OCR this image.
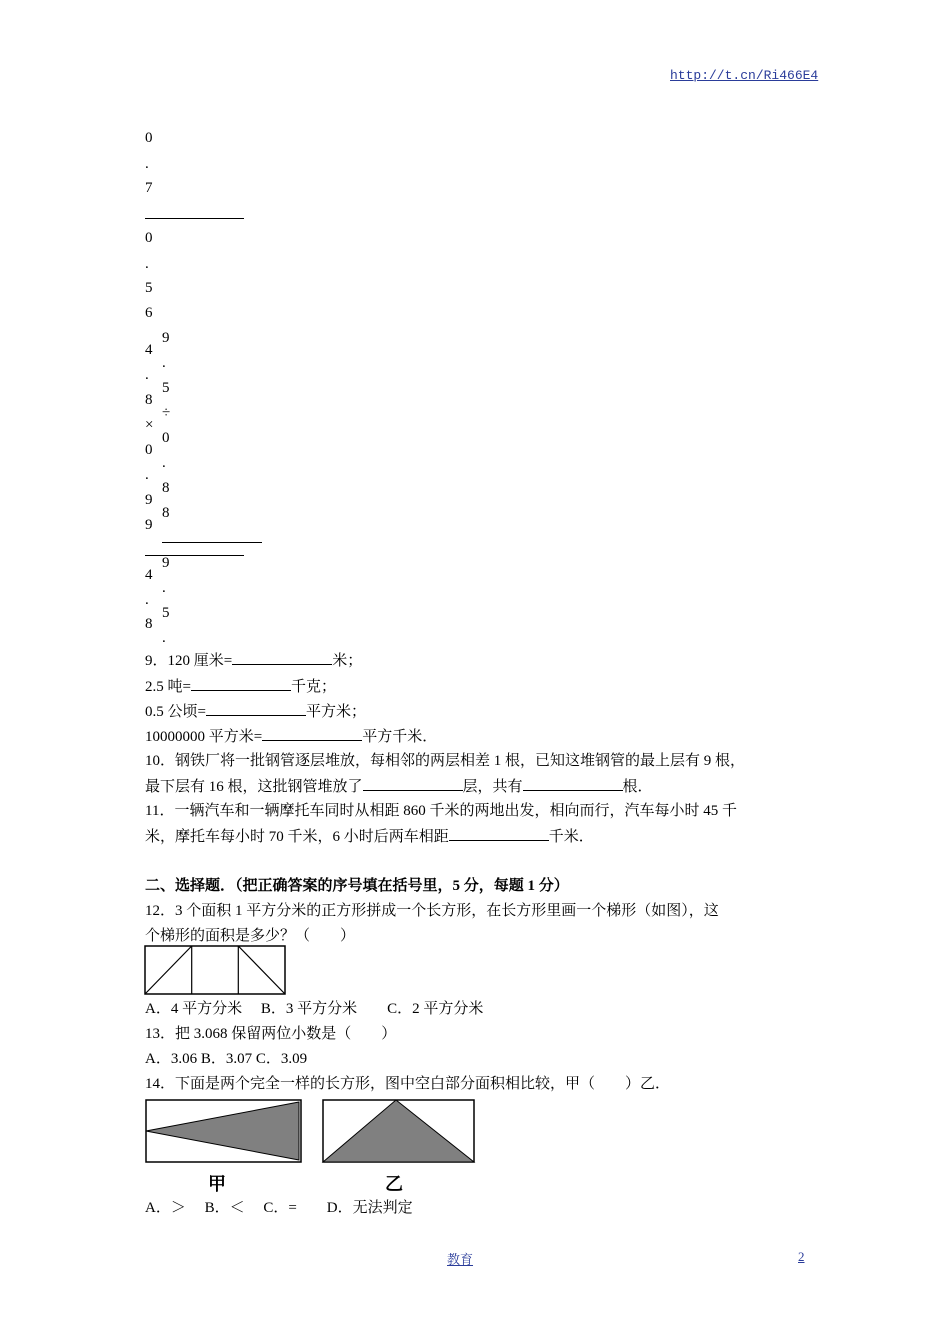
http://t.cn/Ri466E4
0
.
7
0
.
5
6
4
.
8
×
0
.
9
9
4
.
8
9
.
5
÷
0
.
8
8
9
.
5
.
9．120 厘米=	米；
2.5 吨=	千克；
0.5 公顷=	平方米；
10000000 平方米=	平方千米．
10．钢铁厂将一批钢管逐层堆放，每相邻的两层相差 1 根，已知这堆钢管的最上层有 9 根，
最下层有 16 根，这批钢管堆放了	层，共有	根．
11．一辆汽车和一辆摩托车同时从相距 860 千米的两地出发，相向而行，汽车每小时 45 千
米，摩托车每小时 70 千米，6 小时后两车相距	千米．
二、选择题．（把正确答案的序号填在括号里，5 分，每题 1 分）
12．3 个面积 1 平方分米的正方形拼成一个长方形，在长方形里画一个梯形（如图），这
个梯形的面积是多少？（　　）
A．4 平方分米　 B．3 平方分米　　C．2 平方分米
13．把 3.068 保留两位小数是（　　）
A．3.06 B．3.07 C．3.09
14．下面是两个完全一样的长方形，图中空白部分面积相比较，甲（　　）乙．
甲	乙
A．＞　 B．＜　 C．=　　D．无法判定
教育	2
